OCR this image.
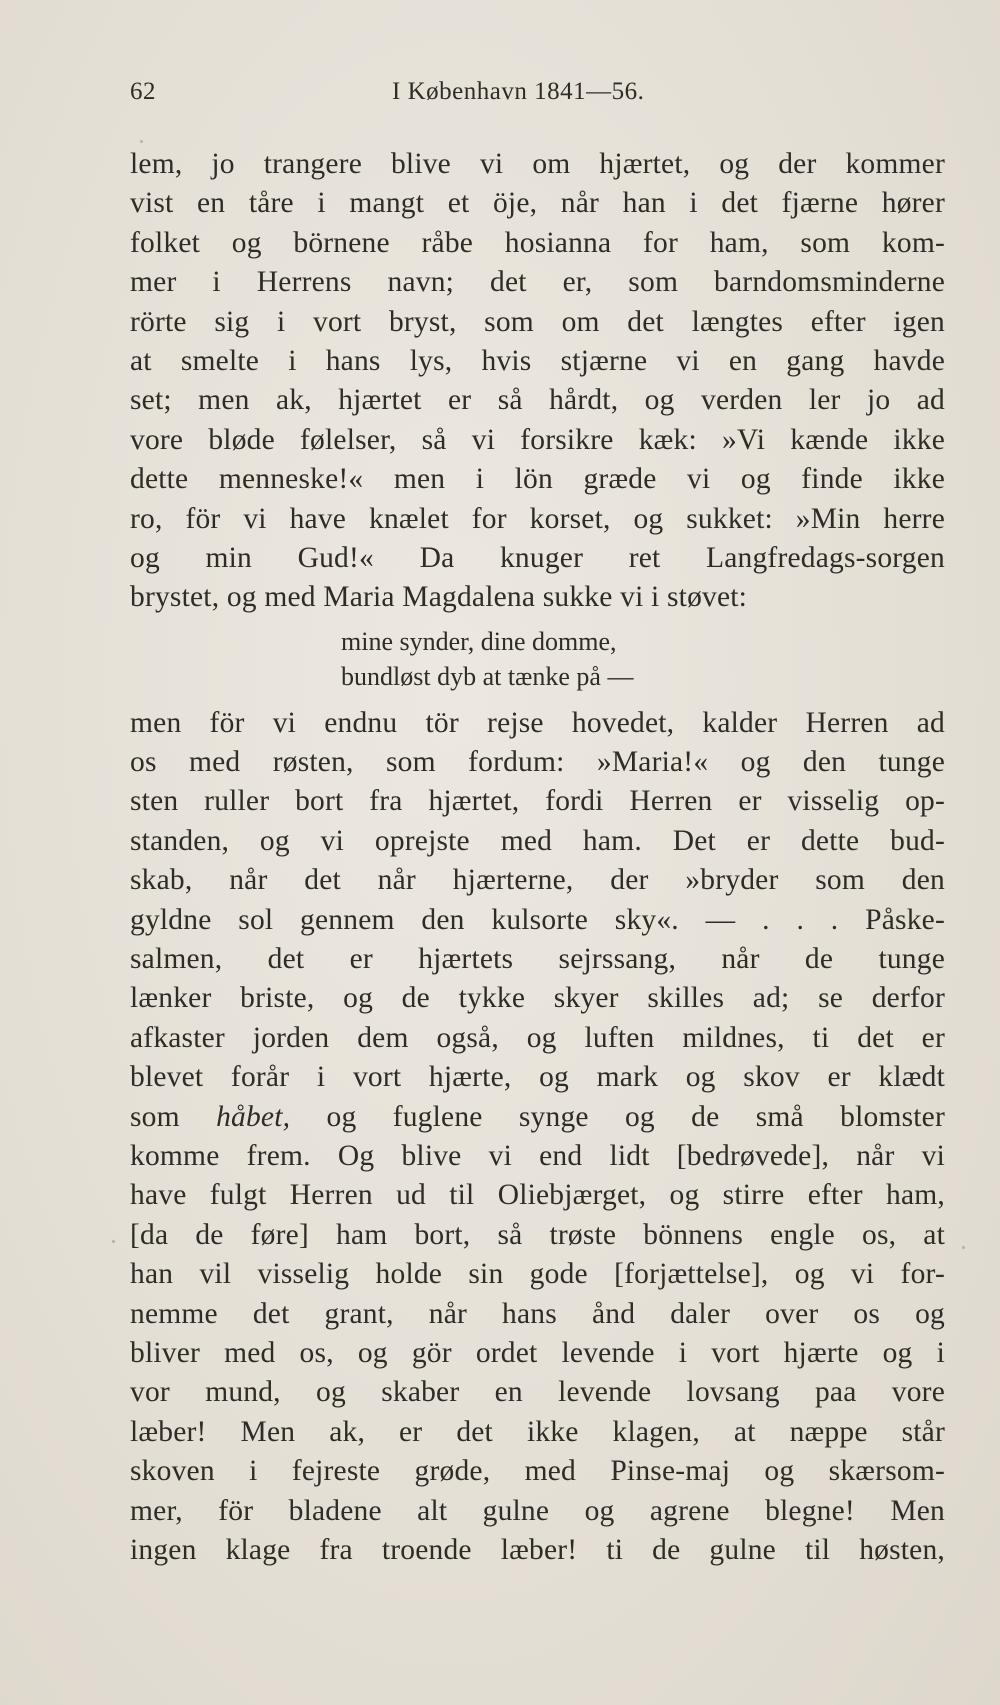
62	I København 1841—56.
lem, jo trangere blive vi om hjærtet, og der kommer
vist en tåre i mangt et öje, når han i det fjærne hører
folket og börnene råbe hosianna for ham, som kom-
mer i Herrens navn; det er, som barndomsminderne
rörte sig i vort bryst, som om det længtes efter igen
at smelte i hans lys, hvis stjærne vi en gang havde
set; men ak, hjærtet er så hårdt, og verden ler jo ad
vore bløde følelser, så vi forsikre kæk: »Vi kænde ikke
dette menneske!« men i lön græde vi og finde ikke
ro, för vi have knælet for korset, og sukket: »Min herre
og min Gud!« Da knuger ret Langfredags-sorgen
brystet, og med Maria Magdalena sukke vi i støvet:
mine synder, dine domme,
bundløst dyb at tænke på —
men för vi endnu tör rejse hovedet, kalder Herren ad
os med røsten, som fordum: »Maria!« og den tunge
sten ruller bort fra hjærtet, fordi Herren er visselig op-
standen, og vi oprejste med ham. Det er dette bud-
skab, når det når hjærterne, der »bryder som den
gyldne sol gennem den kulsorte sky«. — . . . Påske-
salmen, det er hjærtets sejrssang, når de tunge
lænker briste, og de tykke skyer skilles ad; se derfor
afkaster jorden dem også, og luften mildnes, ti det er
blevet forår i vort hjærte, og mark og skov er klædt
som håbet, og fuglene synge og de små blomster
komme frem. Og blive vi end lidt [bedrøvede], når vi
have fulgt Herren ud til Oliebjærget, og stirre efter ham,
[da de føre] ham bort, så trøste bönnens engle os, at
han vil visselig holde sin gode [forjættelse], og vi for-
nemme det grant, når hans ånd daler over os og
bliver med os, og gör ordet levende i vort hjærte og i
vor mund, og skaber en levende lovsang paa vore
læber! Men ak, er det ikke klagen, at næppe står
skoven i fejreste grøde, med Pinse-maj og skærsom-
mer, för bladene alt gulne og agrene blegne! Men
ingen klage fra troende læber! ti de gulne til høsten,
